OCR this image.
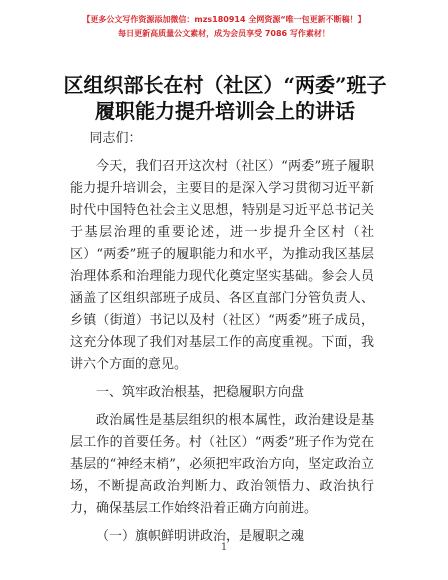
【更多公文写作资源添加微信：mzs180914 全网资源“唯一包更新不断稿！】
每日更新高质量公文素材，成为会员享受 7086 写作素材！
区组织部长在村（社区）“两委”班子履职能力提升培训会上的讲话

同志们：

今天，我们召开这次村（社区）“两委”班子履职能力提升培训会，主要目的是深入学习贯彻习近平新时代中国特色社会主义思想，特别是习近平总书记关于基层治理的重要论述，进一步提升全区村（社区）“两委”班子的履职能力和水平，为推动我区基层治理体系和治理能力现代化奠定坚实基础。参会人员涵盖了区组织部班子成员、各区直部门分管负责人、乡镇（街道）书记以及村（社区）“两委”班子成员，这充分体现了我们对基层工作的高度重视。下面，我讲六个方面的意见。

一、筑牢政治根基，把稳履职方向盘

政治属性是基层组织的根本属性，政治建设是基层工作的首要任务。村（社区）“两委”班子作为党在基层的“神经末梢”，必须把牢政治方向，坚定政治立场，不断提高政治判断力、政治领悟力、政治执行力，确保基层工作始终沿着正确方向前进。

（一）旗帜鲜明讲政治，是履职之魂

1
